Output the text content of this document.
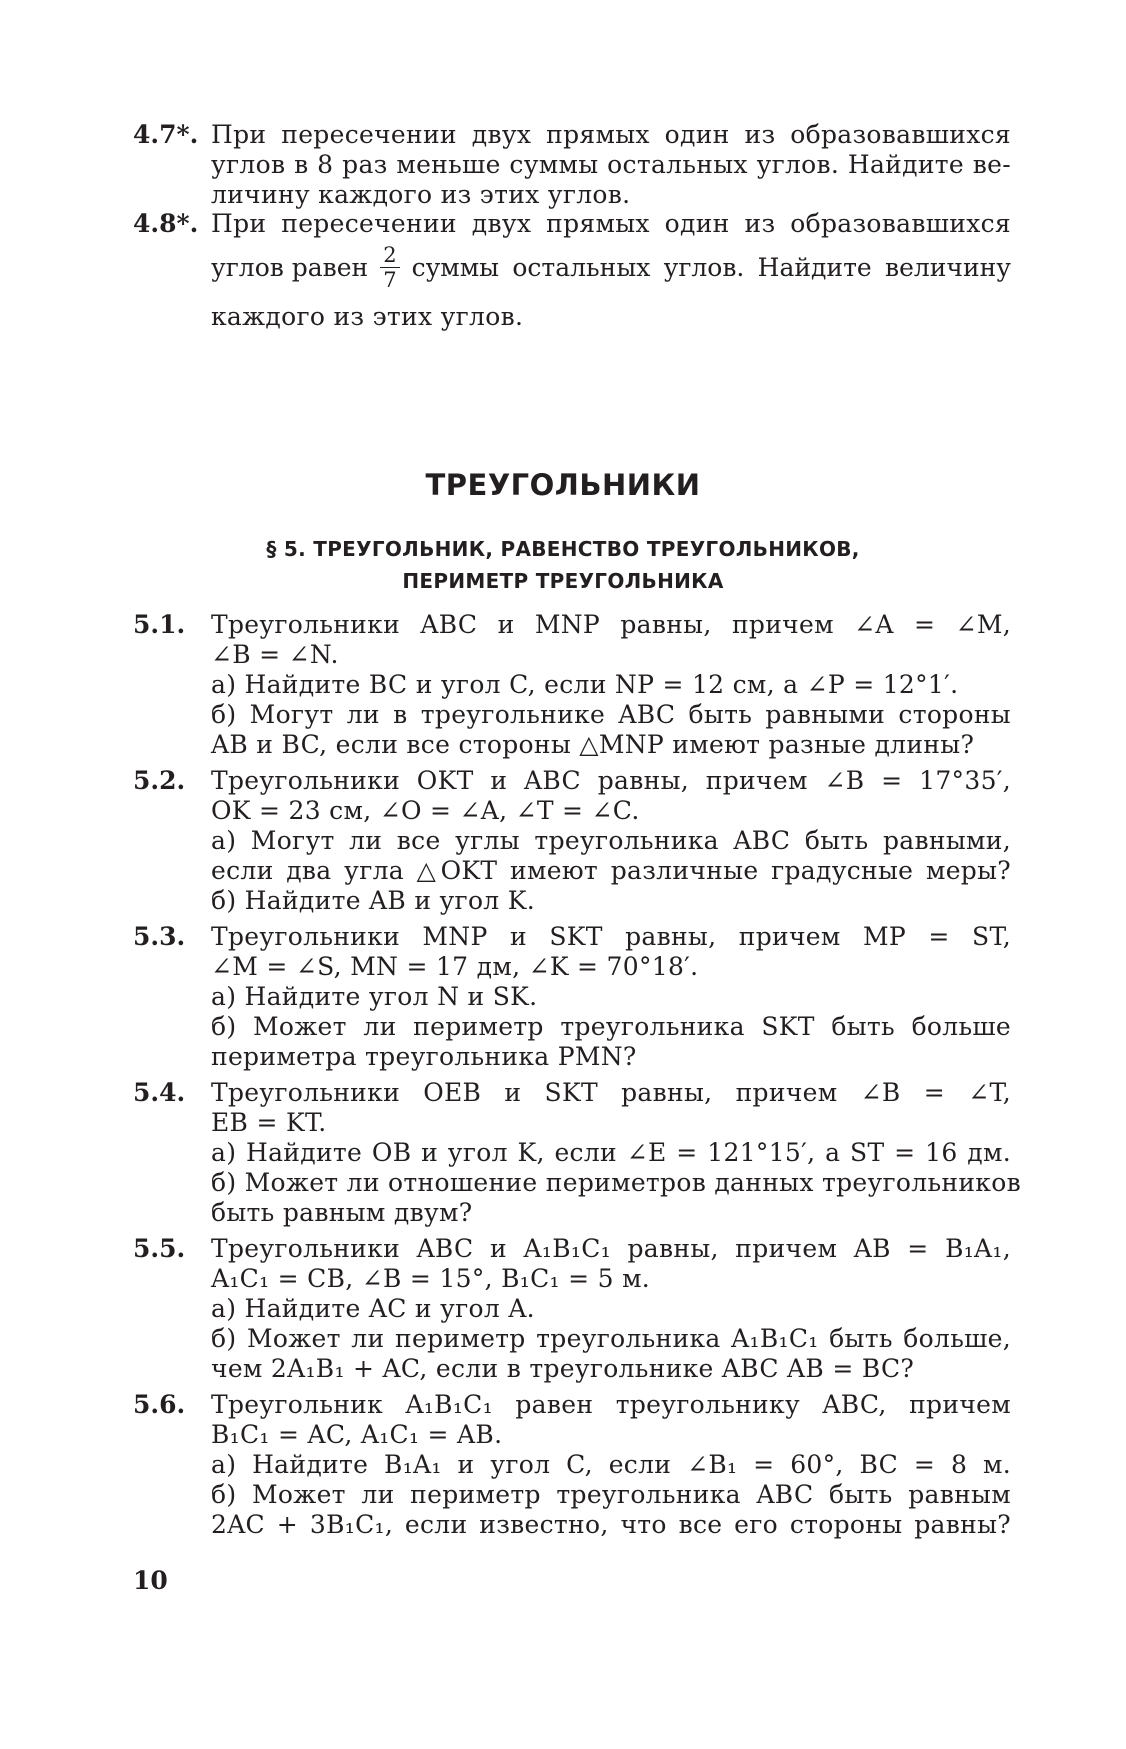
4.7*. При пересечении двух прямых один из образовавшихся
углов в 8 раз меньше суммы остальных углов. Найдите ве-
личину каждого из этих углов.
4.8*. При пересечении двух прямых один из образовавшихся
углов равен $\frac{2}{7}$ суммы остальных углов. Найдите величину
каждого из этих углов.
ТРЕУГОЛЬНИКИ
§ 5. ТРЕУГОЛЬНИК, РАВЕНСТВО ТРЕУГОЛЬНИКОВ,
ПЕРИМЕТР ТРЕУГОЛЬНИКА
5.1. Треугольники ABC и MNP равны, причем ∠A = ∠M,
∠B = ∠N.
а) Найдите BC и угол C, если NP = 12 см, а ∠P = 12°1′.
б) Могут ли в треугольнике ABC быть равными стороны
AB и BC, если все стороны △MNP имеют разные длины?
5.2. Треугольники OKT и ABC равны, причем ∠B = 17°35′,
OK = 23 см, ∠O = ∠A, ∠T = ∠C.
а) Могут ли все углы треугольника ABC быть равными,
если два угла △OKT имеют различные градусные меры?
б) Найдите AB и угол K.
5.3. Треугольники MNP и SKT равны, причем MP = ST,
∠M = ∠S, MN = 17 дм, ∠K = 70°18′.
а) Найдите угол N и SK.
б) Может ли периметр треугольника SKT быть больше
периметра треугольника PMN?
5.4. Треугольники OEB и SKT равны, причем ∠B = ∠T,
EB = KT.
а) Найдите OB и угол K, если ∠E = 121°15′, а ST = 16 дм.
б) Может ли отношение периметров данных треугольников
быть равным двум?
5.5. Треугольники ABC и A₁B₁C₁ равны, причем AB = B₁A₁,
A₁C₁ = CB, ∠B = 15°, B₁C₁ = 5 м.
а) Найдите AC и угол A.
б) Может ли периметр треугольника A₁B₁C₁ быть больше,
чем 2A₁B₁ + AC, если в треугольнике ABC AB = BC?
5.6. Треугольник A₁B₁C₁ равен треугольнику ABC, причем
B₁C₁ = AC, A₁C₁ = AB.
а) Найдите B₁A₁ и угол C, если ∠B₁ = 60°, BC = 8 м.
б) Может ли периметр треугольника ABC быть равным
2AC + 3B₁C₁, если известно, что все его стороны равны?
10
